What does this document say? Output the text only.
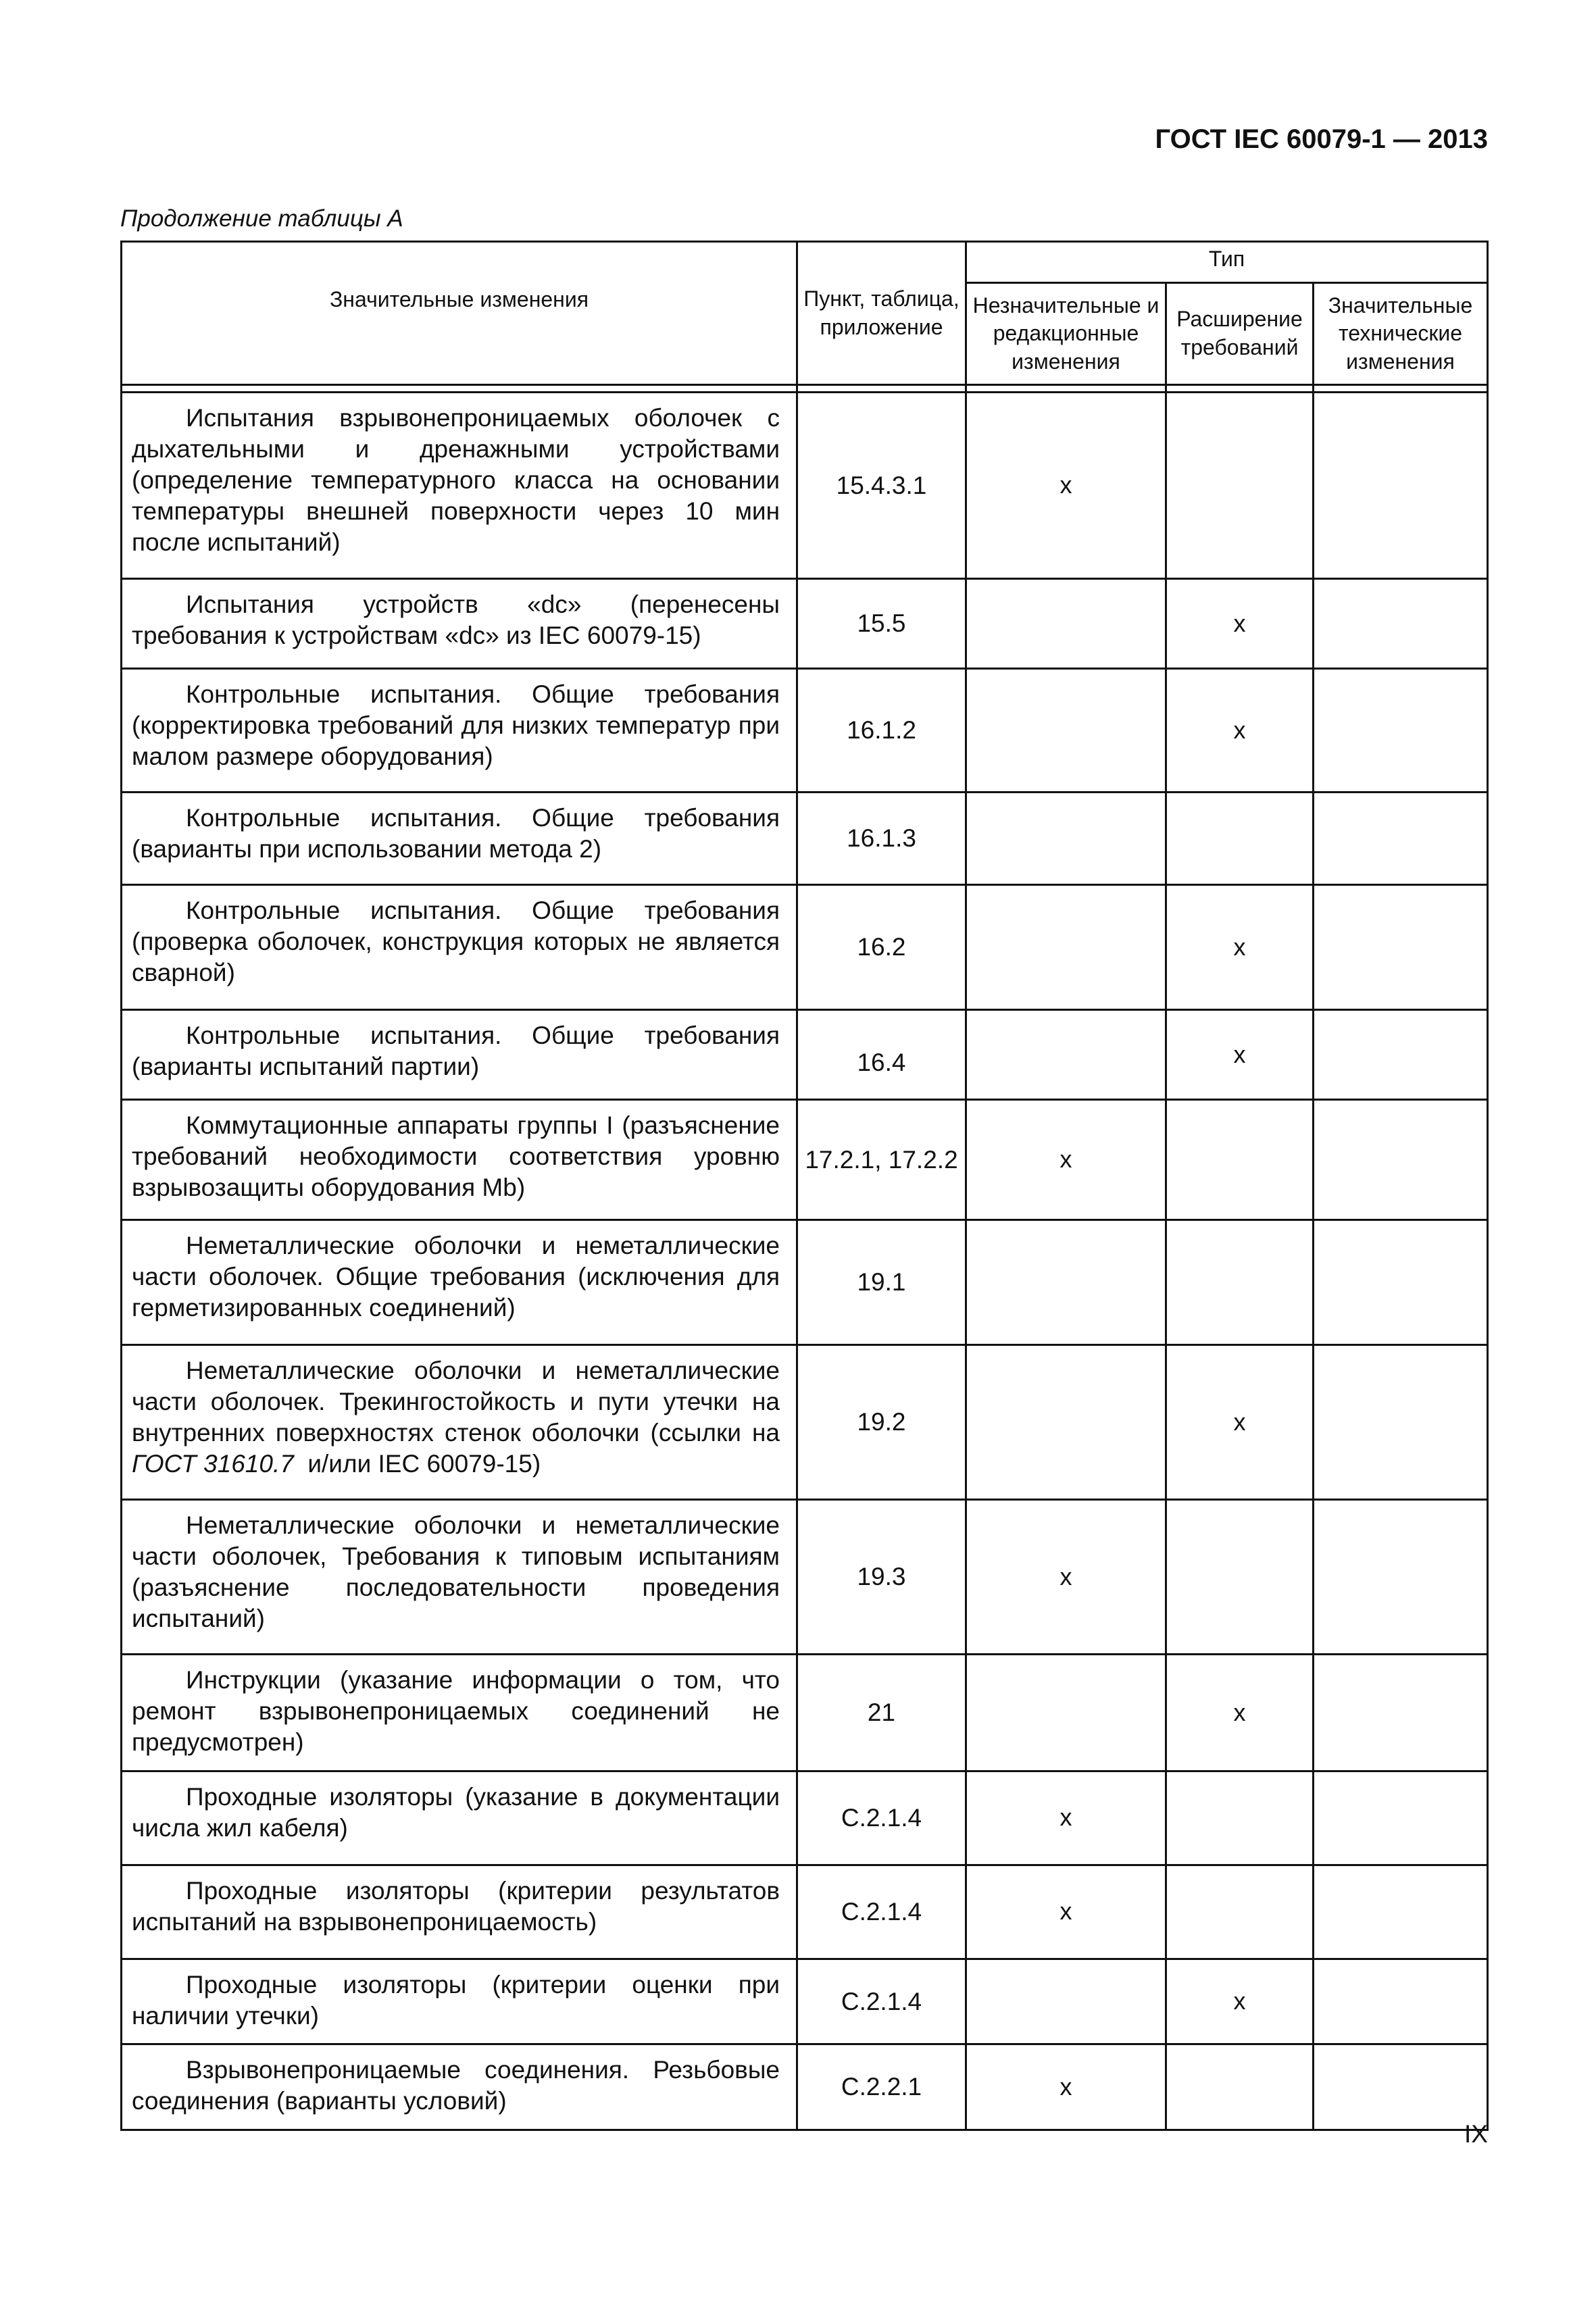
ГОСТ IEC 60079-1 — 2013
Продолжение таблицы А
Значительные изменения	Пункт, таблица, приложение	Тип		
		Незначительные и редакционные изменения	Расширение требований	Значительные технические изменения

Испытания взрывонепроницаемых оболочек с дыхательными и дренажными устройствами (определение температурного класса на основании температуры внешней поверхности через 10 мин после испытаний)	15.4.3.1	x		

Испытания устройств «dc» (перенесены требования к устройствам «dc» из IEC 60079-15)	15.5		x	

Контрольные испытания. Общие требования (корректировка требований для низких температур при малом размере оборудования)	16.1.2		x	

Контрольные испытания. Общие требования (варианты при использовании метода 2)	16.1.3			

Контрольные испытания. Общие требования (проверка оболочек, конструкция которых не является сварной)	16.2		x	

Контрольные испытания. Общие требования (варианты испытаний партии)	16.4		x	

Коммутационные аппараты группы I (разъяснение требований необходимости соответствия уровню взрывозащиты оборудования Mb)	17.2.1, 17.2.2	x		

Неметаллические оболочки и неметаллические части оболочек. Общие требования (исключения для герметизированных соединений)	19.1			

Неметаллические оболочки и неметаллические части оболочек. Трекингостойкость и пути утечки на внутренних поверхностях стенок оболочки (ссылки на ГОСТ 31610.7 и/или IEC 60079-15)	19.2		x	

Неметаллические оболочки и неметаллические части оболочек, Требования к типовым испытаниям (разъяснение последовательности проведения испытаний)	19.3	x		

Инструкции (указание информации о том, что ремонт взрывонепроницаемых соединений не предусмотрен)	21		x	

Проходные изоляторы (указание в документации числа жил кабеля)	C.2.1.4	x		

Проходные изоляторы (критерии результатов испытаний на взрывонепроницаемость)	C.2.1.4	x		

Проходные изоляторы (критерии оценки при наличии утечки)	C.2.1.4		x	

Взрывонепроницаемые соединения. Резьбовые соединения (варианты условий)	C.2.2.1	x		
IX
